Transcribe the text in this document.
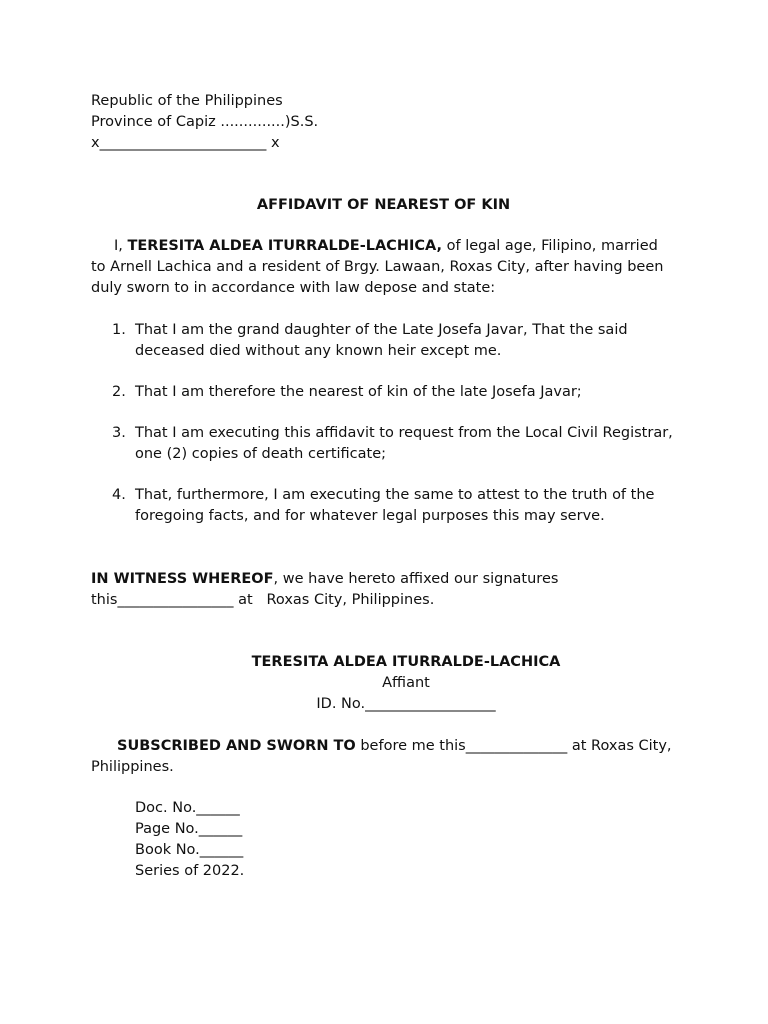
Republic of the Philippines

Province of Capiz ..............)S.S.

x_______________________ x

AFFIDAVIT OF NEAREST OF KIN

I, TERESITA ALDEA ITURRALDE-LACHICA, of legal age, Filipino, married to Arnell Lachica and a resident of Brgy. Lawaan, Roxas City, after having been duly sworn to in accordance with law depose and state:

1. That I am the grand daughter of the Late Josefa Javar, That the said deceased died without any known heir except me.
2. That I am therefore the nearest of kin of the late Josefa Javar;
3. That I am executing this affidavit to request from the Local Civil Registrar, one (2) copies of death certificate;
4. That, furthermore, I am executing the same to attest to the truth of the foregoing facts, and for whatever legal purposes this may serve.

IN WITNESS WHEREOF, we have hereto affixed our signatures

this________________ at   Roxas City, Philippines.

TERESITA ALDEA ITURRALDE-LACHICA

Affiant

ID. No.__________________

SUBSCRIBED AND SWORN TO before me this______________ at Roxas City, Philippines.

Doc. No.______

Page No.______

Book No.______

Series of 2022.
